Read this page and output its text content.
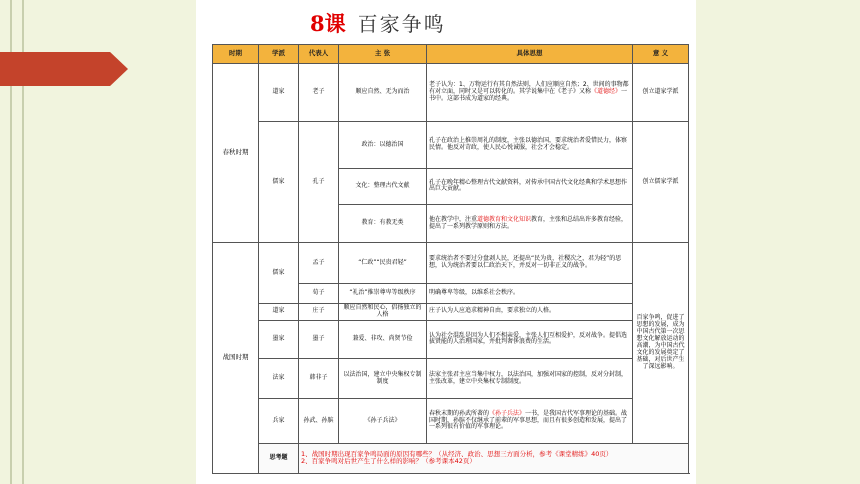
8课 百家争鸣
时期	学派	代表人	主 张	具体思想	意 义
春秋时期	道家	老子	顺应自然、无为而治	老子认为：1、万物运行有其自然法则，人们应顺应自然；2、世间的事物都有对立面，同时又是可以转化的。其学说集中在《老子》又称《道德经》一书中。这部书成为道家的经典。	创立道家学派
	儒家	孔子	政治：以德治国	孔子在政治上推崇周礼的制度，主张以德治国，要求统治者爱惜民力，体察民情。他反对苛政，使人民心悦诚服，社会才会稳定。	创立儒家学派
			文化：整理古代文献	孔子在晚年精心整理古代文献资料，对传承中国古代文化经典和学术思想作出巨大贡献。	
			教育：有教无类	他在教学中，注重道德教育和文化知识教育，主张和总结出许多教育经验，提出了一系列教学原则和方法。	
战国时期	儒家	孟子	“仁政”“民贵君轻”	要求统治者不要过分盘剥人民，还提出“民为贵，社稷次之，君为轻”的思想，认为统治者要以仁政治天下，并反对一切非正义的战争。	百家争鸣，促进了思想的发展，成为中国古代第一次思想文化解放运动的高潮，为中国古代文化的发展奠定了基础，对后世产生了深远影响。
		荀子	“礼治”推崇尊卑等级秩序	明确尊卑等级，以维系社会秩序。	
	道家	庄子	顺应自然和民心，倡扬独立的人格	庄子认为人应追求精神自由，要求独立的人格。	
	墨家	墨子	兼爱、非攻、尚贤节俭	认为社会混乱是因为人们不相亲爱，主张人们互相爱护，反对战争。提倡选拔贤能的人治理国家，并批判奢侈浪费的生活。	
	法家	韩非子	以法治国，建立中央集权专制制度	法家主张君主应当集中权力，以法治国，加强对国家的控制，反对分封制，主张改革，建立中央集权专制制度。	
	兵家	孙武、孙膑	《孙子兵法》	春秋末期的孙武所著的《孙子兵法》一书，是我国古代军事理论的基础。战国时期，孙膑不仅继承了前辈的军事思想，而且有很多创造和发展，提出了一系列很有价值的军事理论。	
	思考题	1、战国时期出现百家争鸣局面的原因有哪些？（从经济、政治、思想三方面分析，参考《课堂精练》40页）
2、百家争鸣对后世产生了什么样的影响？（参考课本42页）			
